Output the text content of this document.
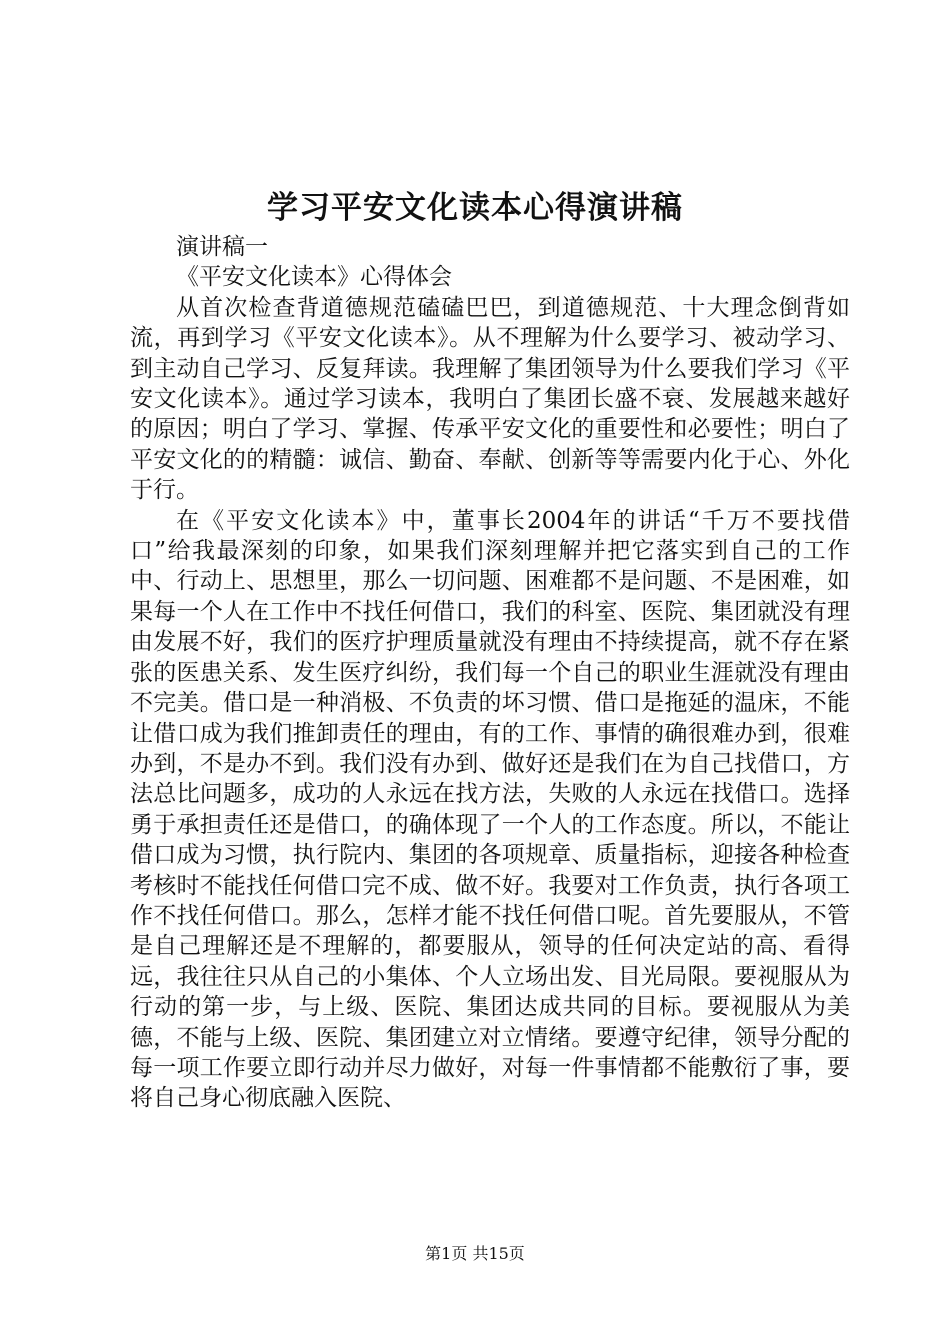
学习平安文化读本心得演讲稿

演讲稿一

《平安文化读本》心得体会

从首次检查背道德规范磕磕巴巴，到道德规范、十大理念倒背如流，再到学习《平安文化读本》。从不理解为什么要学习、被动学习、到主动自己学习、反复拜读。我理解了集团领导为什么要我们学习《平安文化读本》。通过学习读本，我明白了集团长盛不衰、发展越来越好的原因；明白了学习、掌握、传承平安文化的重要性和必要性；明白了平安文化的的精髓：诚信、勤奋、奉献、创新等等需要内化于心、外化于行。

在《平安文化读本》中，董事长2004年的讲话“千万不要找借口”给我最深刻的印象，如果我们深刻理解并把它落实到自己的工作中、行动上、思想里，那么一切问题、困难都不是问题、不是困难，如果每一个人在工作中不找任何借口，我们的科室、医院、集团就没有理由发展不好，我们的医疗护理质量就没有理由不持续提高，就不存在紧张的医患关系、发生医疗纠纷，我们每一个自己的职业生涯就没有理由不完美。借口是一种消极、不负责的坏习惯、借口是拖延的温床，不能让借口成为我们推卸责任的理由，有的工作、事情的确很难办到，很难办到，不是办不到。我们没有办到、做好还是我们在为自己找借口，方法总比问题多，成功的人永远在找方法，失败的人永远在找借口。选择勇于承担责任还是借口，的确体现了一个人的工作态度。所以，不能让借口成为习惯，执行院内、集团的各项规章、质量指标，迎接各种检查考核时不能找任何借口完不成、做不好。我要对工作负责，执行各项工作不找任何借口。那么，怎样才能不找任何借口呢。首先要服从，不管是自己理解还是不理解的，都要服从，领导的任何决定站的高、看得远，我往往只从自己的小集体、个人立场出发、目光局限。要视服从为行动的第一步，与上级、医院、集团达成共同的目标。要视服从为美德，不能与上级、医院、集团建立对立情绪。要遵守纪律，领导分配的每一项工作要立即行动并尽力做好，对每一件事情都不能敷衍了事，要将自己身心彻底融入医院、

第1页 共15页
